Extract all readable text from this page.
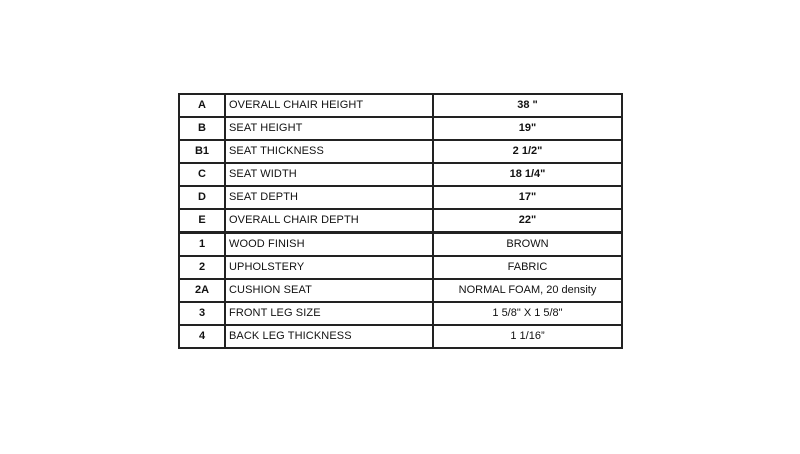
A	OVERALL CHAIR HEIGHT	38 "
B	SEAT HEIGHT	19"
B1	SEAT THICKNESS	2 1/2"
C	SEAT WIDTH	18 1/4"
D	SEAT DEPTH	17"
E	OVERALL CHAIR DEPTH	22"
1	WOOD FINISH	BROWN
2	UPHOLSTERY	FABRIC
2A	CUSHION SEAT	NORMAL FOAM, 20 density
3	FRONT LEG SIZE	1 5/8" X 1 5/8"
4	BACK LEG THICKNESS	1 1/16”
